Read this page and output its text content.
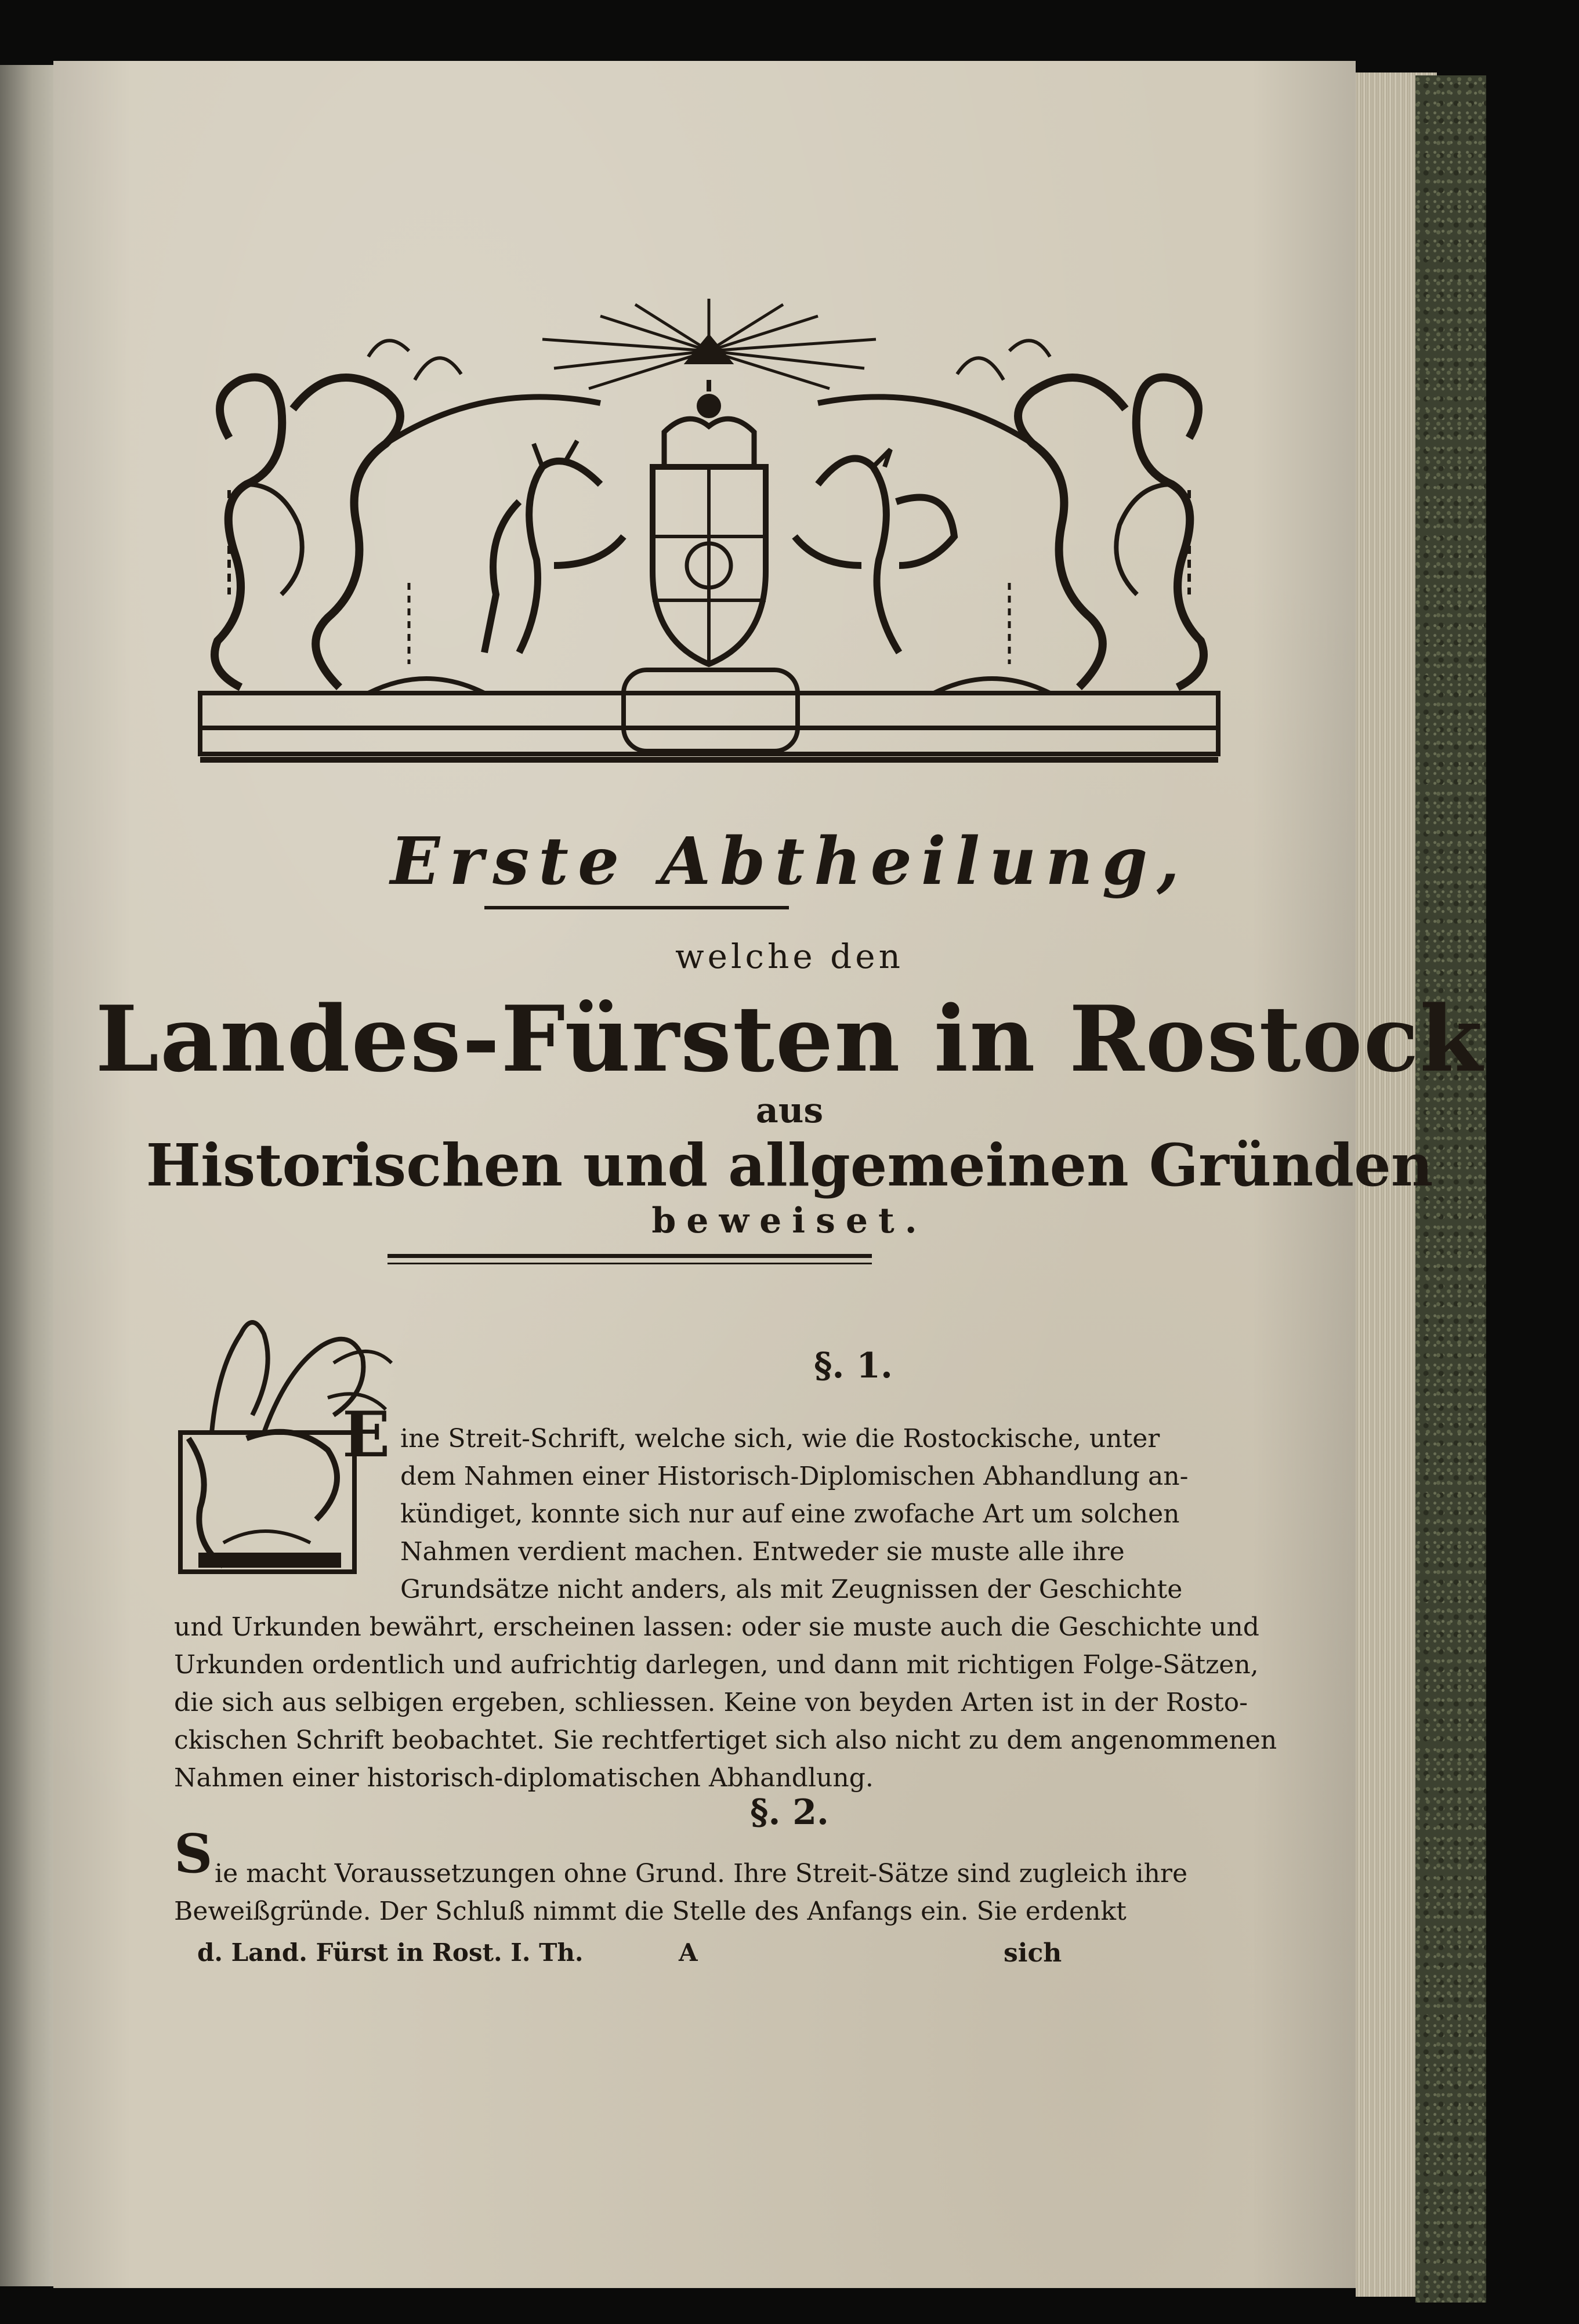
Erste Abtheilung,

welche den

Landes-Fürsten in Rostock

aus

Historischen und allgemeinen Gründen

beweiset.

§. 1.

E ine Streit-Schrift, welche sich, wie die Rostockische, unter

dem Nahmen einer Historisch-Diplomischen Abhandlung an-

kündiget, konnte sich nur auf eine zwofache Art um solchen

Nahmen verdient machen. Entweder sie muste alle ihre

Grundsätze nicht anders, als mit Zeugnissen der Geschichte

und Urkunden bewährt, erscheinen lassen: oder sie muste auch die Geschichte und

Urkunden ordentlich und aufrichtig darlegen, und dann mit richtigen Folge-Sätzen,

die sich aus selbigen ergeben, schliessen. Keine von beyden Arten ist in der Rosto-

ckischen Schrift beobachtet. Sie rechtfertiget sich also nicht zu dem angenommenen

Nahmen einer historisch-diplomatischen Abhandlung.

§. 2.

S ie macht Voraussetzungen ohne Grund. Ihre Streit-Sätze sind zugleich ihre

Beweißgründe. Der Schluß nimmt die Stelle des Anfangs ein. Sie erdenkt

d. Land. Fürst in Rost. I. Th.	A	sich
